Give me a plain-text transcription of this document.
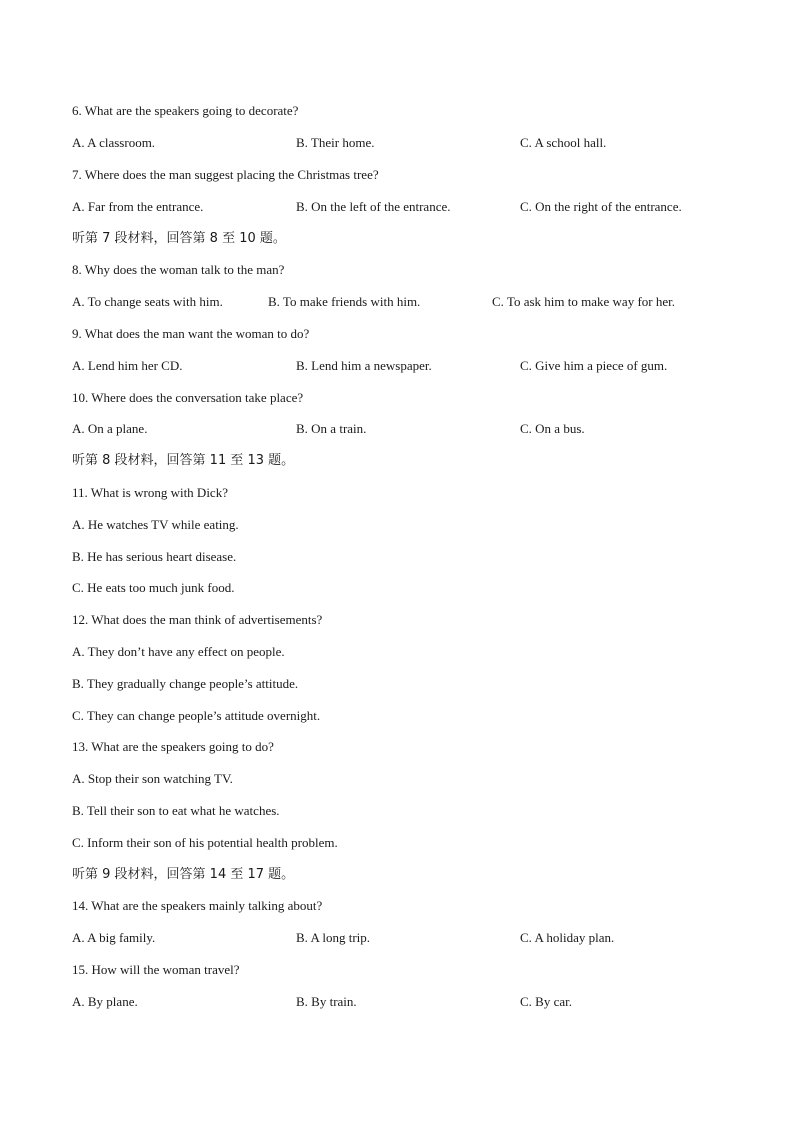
6. What are the speakers going to decorate?
A. A classroom.	B. Their home.	C. A school hall.
7. Where does the man suggest placing the Christmas tree?
A. Far from the entrance.	B. On the left of the entrance.	C. On the right of the entrance.
听第 7 段材料，回答第 8 至 10 题。
8. Why does the woman talk to the man?
A. To change seats with him.	B. To make friends with him.	C. To ask him to make way for her.
9. What does the man want the woman to do?
A. Lend him her CD.	B. Lend him a newspaper.	C. Give him a piece of gum.
10. Where does the conversation take place?
A. On a plane.	B. On a train.	C. On a bus.
听第 8 段材料，回答第 11 至 13 题。
11. What is wrong with Dick?
A. He watches TV while eating.
B. He has serious heart disease.
C. He eats too much junk food.
12. What does the man think of advertisements?
A. They don’t have any effect on people.
B. They gradually change people’s attitude.
C. They can change people’s attitude overnight.
13. What are the speakers going to do?
A. Stop their son watching TV.
B. Tell their son to eat what he watches.
C. Inform their son of his potential health problem.
听第 9 段材料，回答第 14 至 17 题。
14. What are the speakers mainly talking about?
A. A big family.	B. A long trip.	C. A holiday plan.
15. How will the woman travel?
A. By plane.	B. By train.	C. By car.
